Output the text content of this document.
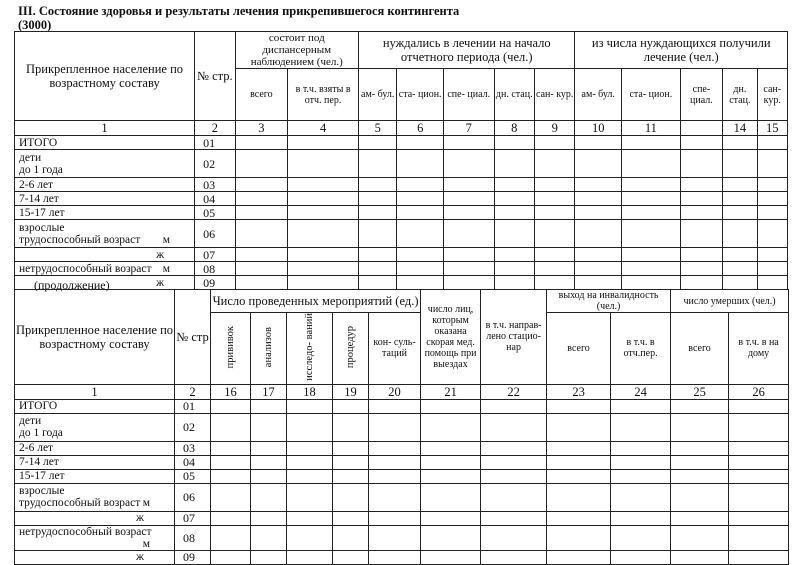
III. Состояние здоровья и результаты лечения прикрепившегося контингента
(3000)
Прикрепленное население по возрастному составу	№ стр.	состоит под диспансерным наблюдением (чел.)		нуждались в лечении на начало отчетного периода (чел.)					из числа нуждающихся получили лечение (чел.)				
		всего	в т.ч. взяты в отч. пер.	ам- бул.	ста- цион.	спе- циал.	дн. стац.	сан- кур.	ам- бул.	ста- цион.	спе- циал.	дн. стац.	сан- кур.
1	2	3	4	5	6	7	8	9	10	11		14	15
ИТОГО	01												
дети
до 1 года	02												
2-6 лет	03												
7-14 лет	04												
15-17 лет	05												
взрослые
трудоспособный возраст м	06												
ж	07												
нетрудоспособный возраст м	08												
ж	09												
(продолжение)
Прикрепленное население по возрастному составу	№ стр	Число проведенных мероприятий (ед.)					число лиц, которым оказана скорая мед. помощь при выездах	в т.ч. направ- лено стацио- нар	выход на инвалидность (чел.)		число умерших (чел.)	
		прививок	анализов	исследо- ваний	процедур	кон- суль- таций			всего	в т.ч. в отч.пер.	всего	в т.ч. в на дому
1	2	16	17	18	19	20	21	22	23	24	25	26
ИТОГО	01											
дети
до 1 года	02											
2-6 лет	03											
7-14 лет	04											
15-17 лет	05											
взрослые
трудоспособный возраст м	06											
ж	07											
нетрудоспособный возраст
м	08											
ж	09											
